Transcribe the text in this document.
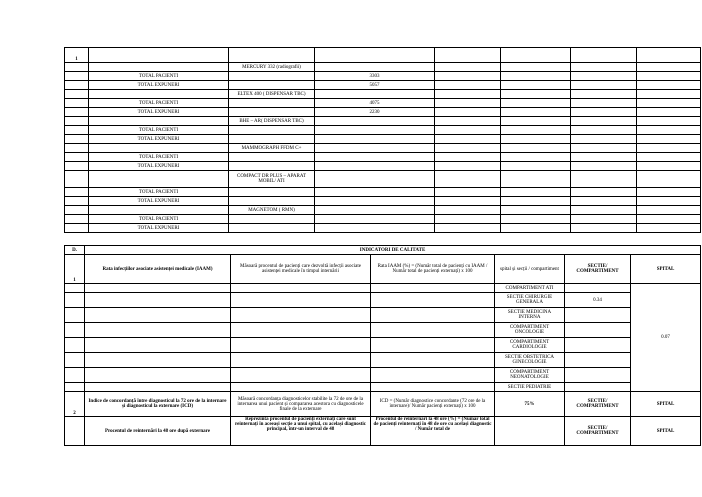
1							
		MERCURY 332 (radiografii)					
	TOTAL PACIENTI		3303				
	TOTAL EXPUNERI		5057				
		ELTEX 400 ( DISPENSAR TBC)					
	TOTAL PACIENTI		4075				
	TOTAL EXPUNERI		2230				
		BHE – AR( DISPENSAR TBC)					
	TOTAL PACIENTI						
	TOTAL EXPUNERI						
		MAMMOGRAPH FFDM C+					
	TOTAL PACIENTI						
	TOTAL EXPUNERI						
		COMPACT DR PLUS – APARAT MOBIL/ ATI					
	TOTAL PACIENTI						
	TOTAL EXPUNERI						
		MAGNETOM ( RMN)					
	TOTAL PACIENTI						
	TOTAL EXPUNERI						
D.	INDICATORI DE CALITATE					
1	Rata infecțiilor asociate asistenței medicale (IAAM)	Măsoară procentul de pacienți care dezvoltă infecții asociate asistenței medicale în timpul internării	Rata IAAM (%) = (Număr total de pacienți cu IAAM / Număr total de pacienți externați) x 100	spital și secții / compartiment	SECTIE/ COMPARTIMENT	SPITAL
				COMPARTIMENT ATI		0.07
				SECTIE CHIRURGIE GENERALA	0.34	
				SECTIE MEDICINA INTERNA		
				COMPARTIMENT ONCOLOGIE		
				COMPARTIMENT CARDIOLOGIE		
				SECTIE OBSTETRICA GINECOLOGIE		
				COMPARTIMENT NEONATOLOGIE		
				SECTIE PEDIATRIE		
2	Indice de concordanță între diagnosticul la 72 ore de la internare și diagnosticul la externare (ICD)	Măsoară concordanța diagnosticelor stabilite la 72 de ore de la internarea unui pacient și compararea acestora cu diagnosticele finale de la externare	ICD = (Număr diagnostice concordante (72 ore de la internare)/ Număr pacienți externați) x 100	75%	SECTIE/ COMPARTIMENT	SPITAL
	Procentul de reinternări la 48 ore după externare	Reprezintă procentul de pacienți externați care sunt reinternați în aceeași secție a unui spital, cu același diagnostic principal, într-un interval de 48	Procentul de reinternări la 48 ore (%) = (Număr total de pacienți reinternați în 48 de ore cu același diagnostic / Număr total de		SECTIE/ COMPARTIMENT	SPITAL
